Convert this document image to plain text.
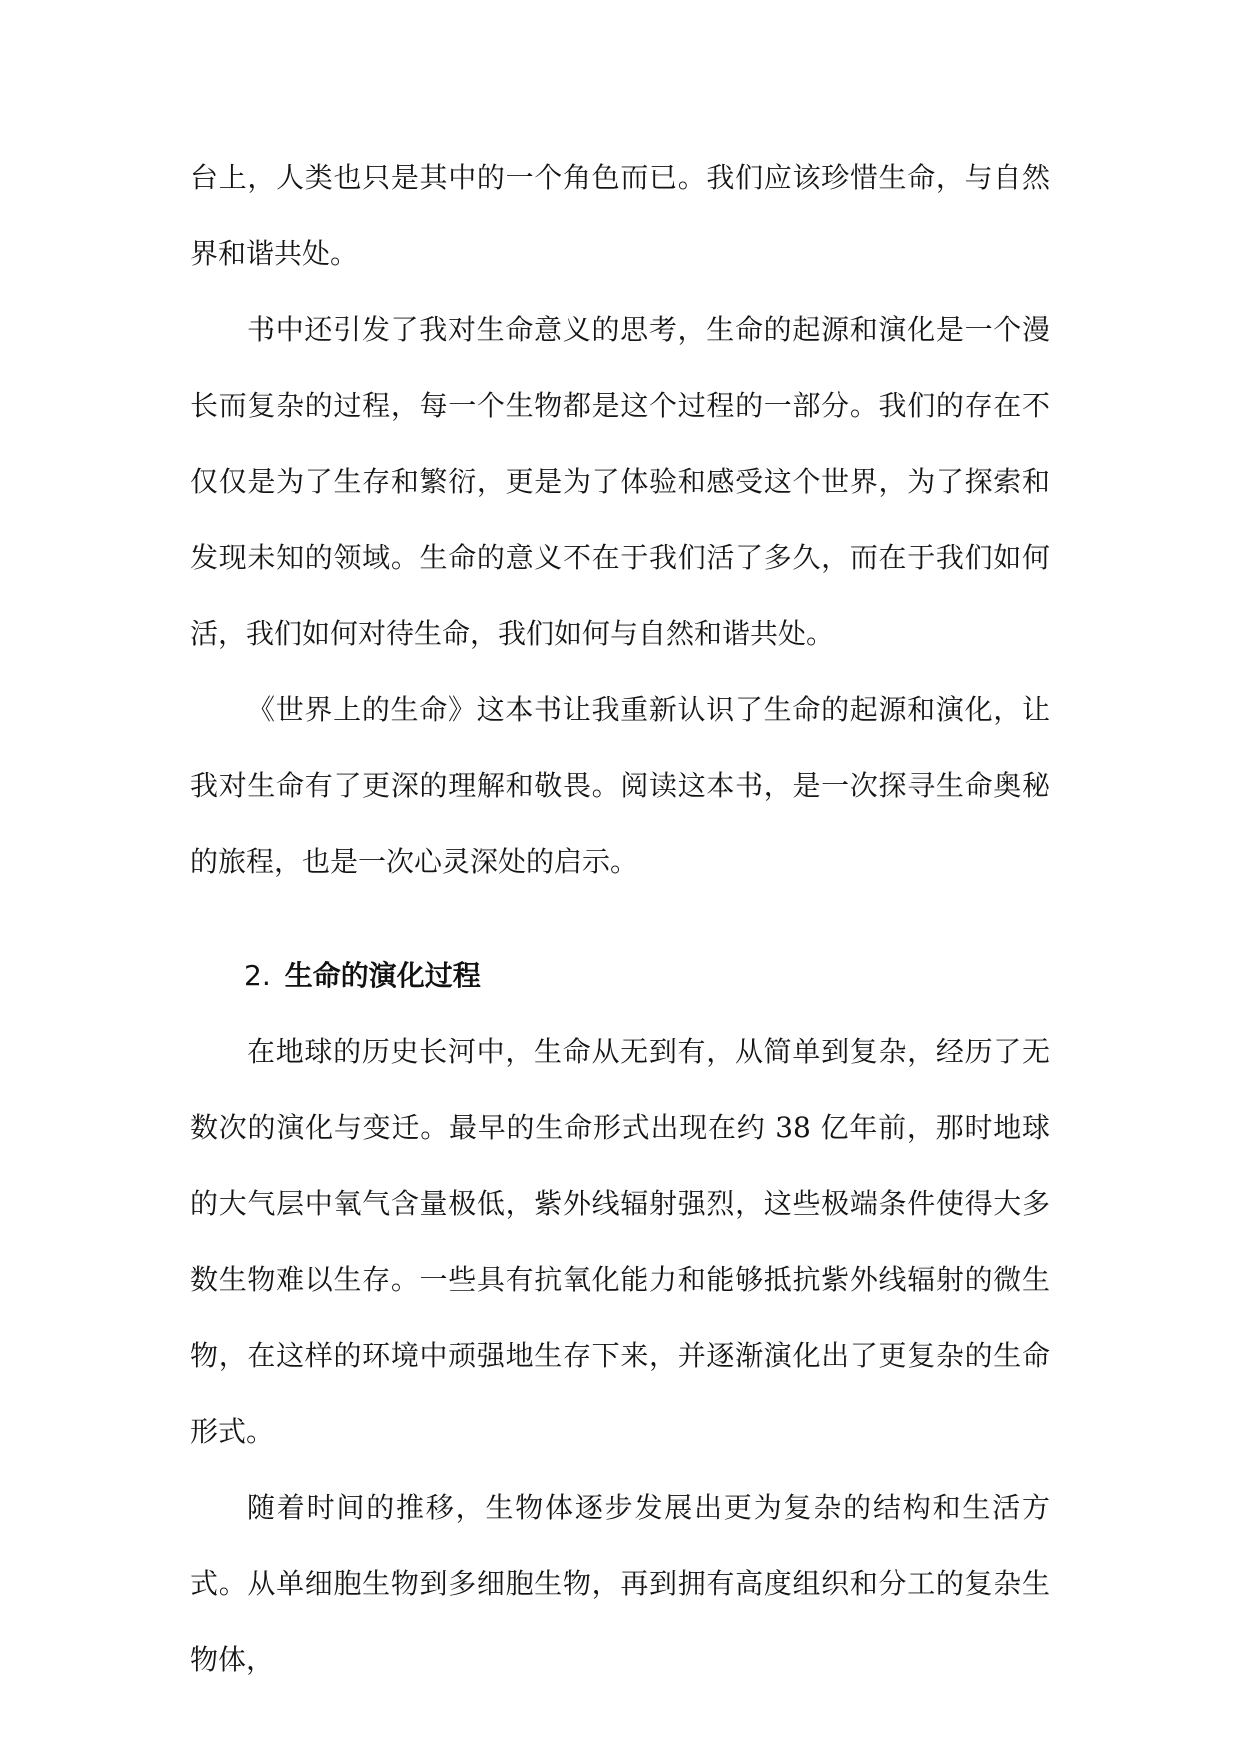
台上，人类也只是其中的一个角色而已。我们应该珍惜生命，与自然界和谐共处。

书中还引发了我对生命意义的思考，生命的起源和演化是一个漫长而复杂的过程，每一个生物都是这个过程的一部分。我们的存在不仅仅是为了生存和繁衍，更是为了体验和感受这个世界，为了探索和发现未知的领域。生命的意义不在于我们活了多久，而在于我们如何活，我们如何对待生命，我们如何与自然和谐共处。

《世界上的生命》这本书让我重新认识了生命的起源和演化，让我对生命有了更深的理解和敬畏。阅读这本书，是一次探寻生命奥秘的旅程，也是一次心灵深处的启示。

2. 生命的演化过程

在地球的历史长河中，生命从无到有，从简单到复杂，经历了无数次的演化与变迁。最早的生命形式出现在约 38 亿年前，那时地球的大气层中氧气含量极低，紫外线辐射强烈，这些极端条件使得大多数生物难以生存。一些具有抗氧化能力和能够抵抗紫外线辐射的微生物，在这样的环境中顽强地生存下来，并逐渐演化出了更复杂的生命形式。

随着时间的推移，生物体逐步发展出更为复杂的结构和生活方式。从单细胞生物到多细胞生物，再到拥有高度组织和分工的复杂生物体，
